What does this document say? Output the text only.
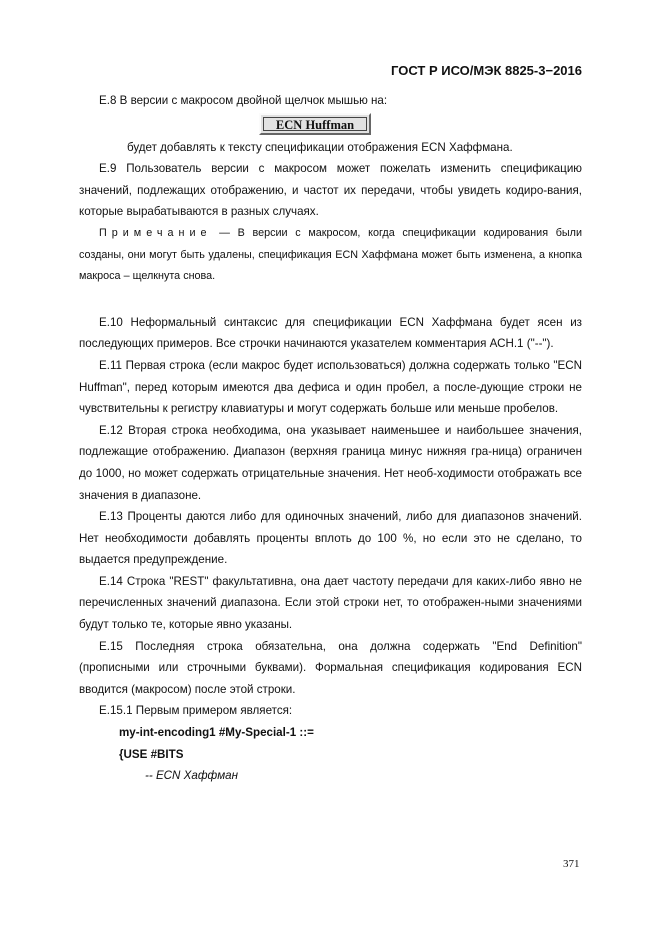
ГОСТ Р ИСО/МЭК 8825-3−2016

E.8 В версии с макросом двойной щелчок мышью на:

ECN Huffman

будет добавлять к тексту спецификации отображения ECN Хаффмана.

E.9 Пользователь версии с макросом может пожелать изменить спецификацию значений, подлежащих отображению, и частот их передачи, чтобы увидеть кодиро-вания, которые вырабатываются в разных случаях.

Примечание — В версии с макросом, когда спецификации кодирования были созданы, они могут быть удалены, спецификация ECN Хаффмана может быть изменена, а кнопка макроса – щелкнута снова.

E.10 Неформальный синтаксис для спецификации ECN Хаффмана будет ясен из последующих примеров. Все строчки начинаются указателем комментария АСН.1 ("--").

E.11 Первая строка (если макрос будет использоваться) должна содержать только "ECN Huffman", перед которым имеются два дефиса и один пробел, а после-дующие строки не чувствительны к регистру клавиатуры и могут содержать больше или меньше пробелов.

E.12 Вторая строка необходима, она указывает наименьшее и наибольшее значения, подлежащие отображению. Диапазон (верхняя граница минус нижняя гра-ница) ограничен до 1000, но может содержать отрицательные значения. Нет необ-ходимости отображать все значения в диапазоне.

E.13 Проценты даются либо для одиночных значений, либо для диапазонов значений. Нет необходимости добавлять проценты вплоть до 100 %, но если это не сделано, то выдается предупреждение.

E.14 Строка "REST" факультативна, она дает частоту передачи для каких-либо явно не перечисленных значений диапазона. Если этой строки нет, то отображен-ными значениями будут только те, которые явно указаны.

E.15 Последняя строка обязательна, она должна содержать "End Definition" (прописными или строчными буквами). Формальная спецификация кодирования ECN вводится (макросом) после этой строки.

E.15.1 Первым примером является:

my-int-encoding1 #My-Special-1 ::=
{USE #BITS
-- ECN Хаффман
371
